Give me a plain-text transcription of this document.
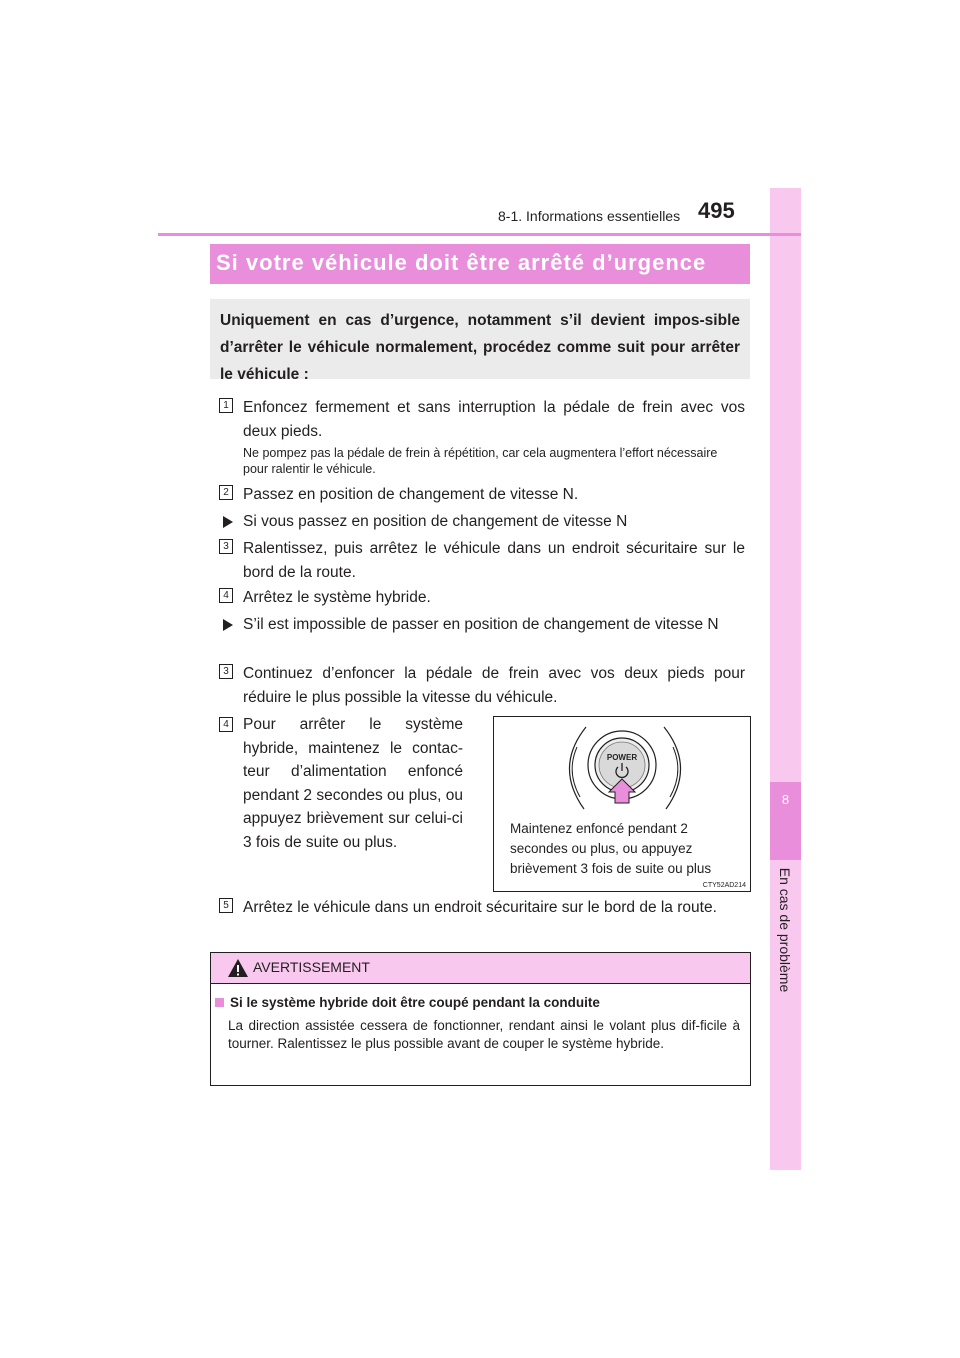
8
En cas de problème
8-1. Informations essentielles 495
Si votre véhicule doit être arrêté d’urgence
Uniquement en cas d’urgence, notamment s’il devient impos-sible d’arrêter le véhicule normalement, procédez comme suit pour arrêter le véhicule :
1 Enfoncez fermement et sans interruption la pédale de frein avec vos deux pieds.
Ne pompez pas la pédale de frein à répétition, car cela augmentera l’effort nécessaire pour ralentir le véhicule.
2 Passez en position de changement de vitesse N.
Si vous passez en position de changement de vitesse N
3 Ralentissez, puis arrêtez le véhicule dans un endroit sécuritaire sur le bord de la route.
4 Arrêtez le système hybride.
S’il est impossible de passer en position de changement de vitesse N
3 Continuez d’enfoncer la pédale de frein avec vos deux pieds pour réduire le plus possible la vitesse du véhicule.
4 Pour arrêter le système hybride, maintenez le contac-teur d’alimentation enfoncé pendant 2 secondes ou plus, ou appuyez brièvement sur celui-ci 3 fois de suite ou plus.
POWER
Maintenez enfoncé pendant 2 secondes ou plus, ou appuyez brièvement 3 fois de suite ou plus
CTY52AD214
5 Arrêtez le véhicule dans un endroit sécuritaire sur le bord de la route.
AVERTISSEMENT
Si le système hybride doit être coupé pendant la conduite
La direction assistée cessera de fonctionner, rendant ainsi le volant plus dif-ficile à tourner. Ralentissez le plus possible avant de couper le système hybride.
